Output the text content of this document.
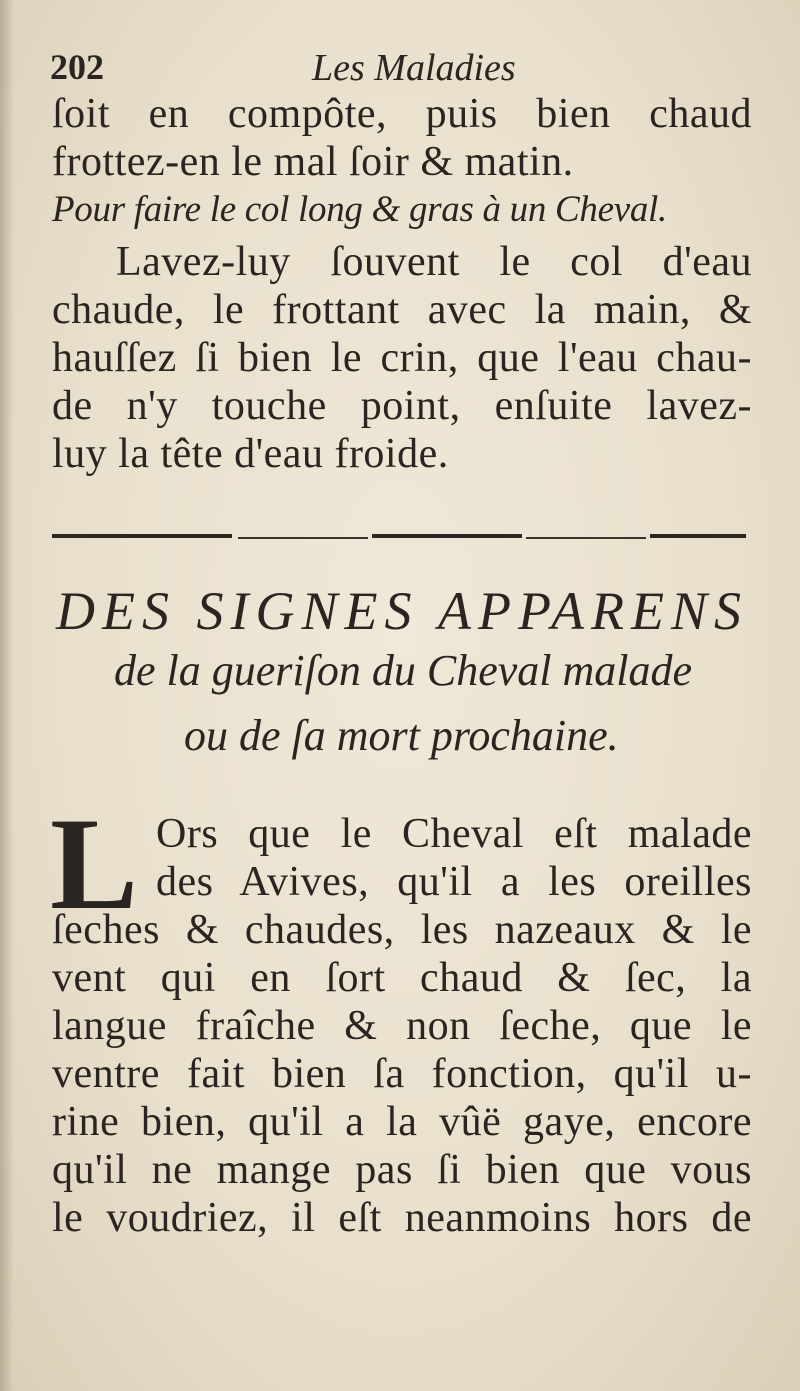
202	Les Maladies
ſoit en compôte, puis bien chaud
frottez-en le mal ſoir & matin.
Pour faire le col long & gras à un Cheval.
Lavez-luy ſouvent le col d'eau
chaude, le frottant avec la main, &
hauſſez ſi bien le crin, que l'eau chau-
de n'y touche point, enſuite lavez-
luy la tête d'eau froide.
DES SIGNES APPARENS
de la gueriſon du Cheval malade
ou de ſa mort prochaine.
L Ors que le Cheval eſt malade
des Avives, qu'il a les oreilles
ſeches & chaudes, les nazeaux & le
vent qui en ſort chaud & ſec, la
langue fraîche & non ſeche, que le
ventre fait bien ſa fonction, qu'il u-
rine bien, qu'il a la vûë gaye, encore
qu'il ne mange pas ſi bien que vous
le voudriez, il eſt neanmoins hors de
